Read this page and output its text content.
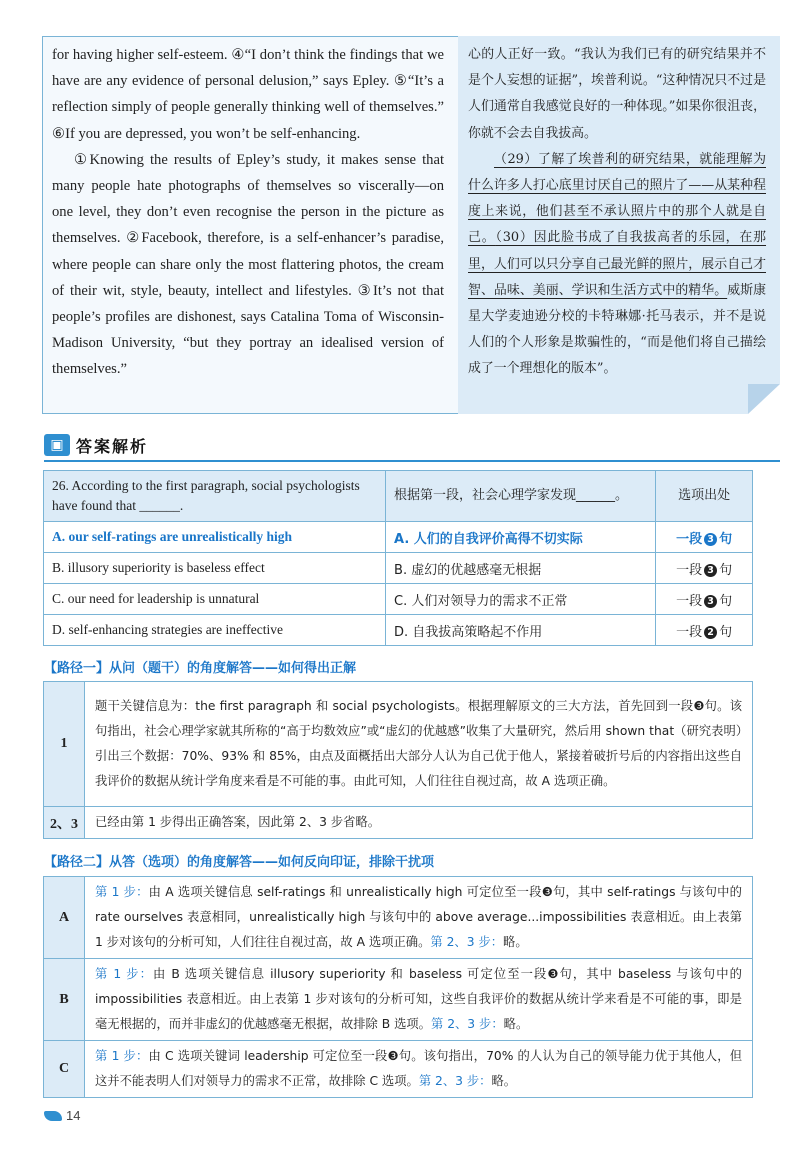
for having higher self-esteem. ④“I don’t think the findings that we have are any evidence of personal delusion,” says Epley. ⑤“It’s a reflection simply of people generally thinking well of themselves.” ⑥If you are depressed, you won’t be self-enhancing.

①Knowing the results of Epley’s study, it makes sense that many people hate photographs of themselves so viscerally—on one level, they don’t even recognise the person in the picture as themselves. ②Facebook, therefore, is a self-enhancer’s paradise, where people can share only the most flattering photos, the cream of their wit, style, beauty, intellect and lifestyles. ③It’s not that people’s profiles are dishonest, says Catalina Toma of Wisconsin-Madison University, “but they portray an idealised version of themselves.”

心的人正好一致。“我认为我们已有的研究结果并不是个人妄想的证据”，埃普利说。“这种情况只不过是人们通常自我感觉良好的一种体现。”如果你很沮丧，你就不会去自我拔高。

（29）了解了埃普利的研究结果，就能理解为什么许多人打心底里讨厌自己的照片了——从某种程度上来说，他们甚至不承认照片中的那个人就是自己。（30）因此脸书成了自我拔高者的乐园，在那里，人们可以只分享自己最光鲜的照片，展示自己才智、品味、美丽、学识和生活方式中的精华。威斯康星大学麦迪逊分校的卡特琳娜·托马表示，并不是说人们的个人形象是欺骗性的，“而是他们将自己描绘成了一个理想化的版本”。

▣ 答案解析
26. According to the first paragraph, social psychologists have found that ______.	根据第一段，社会心理学家发现______。	选项出处
A. our self-ratings are unrealistically high	A. 人们的自我评价高得不切实际	一段 3 句
B. illusory superiority is baseless effect	B. 虚幻的优越感毫无根据	一段 3 句
C. our need for leadership is unnatural	C. 人们对领导力的需求不正常	一段 3 句
D. self-enhancing strategies are ineffective	D. 自我拔高策略起不作用	一段 2 句
【路径一】从问（题干）的角度解答——如何得出正解
1	题干关键信息为：the first paragraph 和 social psychologists。根据理解原文的三大方法，首先回到一段❸句。该句指出，社会心理学家就其所称的“高于均数效应”或“虚幻的优越感”收集了大量研究，然后用 shown that（研究表明）引出三个数据：70%、93% 和 85%，由点及面概括出大部分人认为自己优于他人，紧接着破折号后的内容指出这些自我评价的数据从统计学角度来看是不可能的事。由此可知，人们往往自视过高，故 A 选项正确。
2、3	已经由第 1 步得出正确答案，因此第 2、3 步省略。
【路径二】从答（选项）的角度解答——如何反向印证，排除干扰项
A	第 1 步：由 A 选项关键信息 self-ratings 和 unrealistically high 可定位至一段❸句，其中 self-ratings 与该句中的 rate ourselves 表意相同，unrealistically high 与该句中的 above average...impossibilities 表意相近。由上表第 1 步对该句的分析可知，人们往往自视过高，故 A 选项正确。第 2、3 步：略。
B	第 1 步：由 B 选项关键信息 illusory superiority 和 baseless 可定位至一段❸句，其中 baseless 与该句中的 impossibilities 表意相近。由上表第 1 步对该句的分析可知，这些自我评价的数据从统计学来看是不可能的事，即是毫无根据的，而并非虚幻的优越感毫无根据，故排除 B 选项。第 2、3 步：略。
C	第 1 步：由 C 选项关键词 leadership 可定位至一段❸句。该句指出，70% 的人认为自己的领导能力优于其他人，但这并不能表明人们对领导力的需求不正常，故排除 C 选项。第 2、3 步：略。
14
